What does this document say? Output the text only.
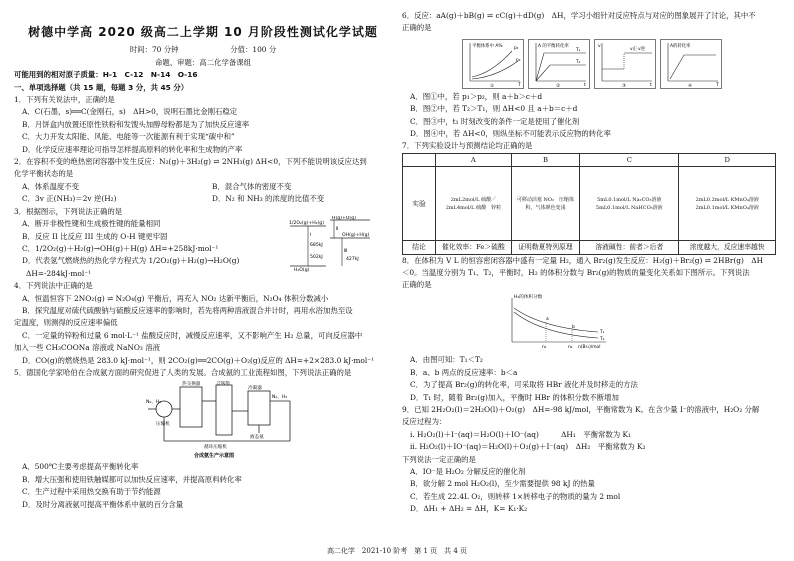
树德中学高 2020 级高二上学期 10 月阶段性测试化学试题

时间：70 分钟　　　　　　　分值：100 分

命题、审题：高二化学备课组

可能用到的相对原子质量：H-1　C-12　N-14　O-16

一、单项选择题（共 15 题，每题 3 分，共 45 分）

1．下列有关说法中，正确的是

A．C(石墨，s)══C(金刚石，s)　ΔH>0，说明石墨比金刚石稳定

B．月饼盒内放置还原性铁粉和发馊头加醇母粉都是为了加快反应速率

C．大力开发太阳能、风能、电能等一次能源有利于实现“碳中和”

D．化学反应速率理论可指导怎样提高原料的转化率和生成物的产率

2．在容积不变的绝热密闭容器中发生反应：N₂(g)＋3H₂(g) ⇌ 2NH₃(g) ΔH<0，下列不能说明该反应达到

化学平衡状态的是

A．体系温度不变	B．混合气体的密度不变

C．3v 正(NH₃)＝2v 逆(H₂)	D．N₂ 和 NH₃ 的浓度的比值不变

3．根据图示，下列说法正确的是

A．断开非极性键和生成极性键的能量相同

B．反应 II 比反应 III 生成的 O-H 键更牢固

C．1/2O₂(g)＋H₂(g)→OH(g)＋H(g) ΔH=+258kJ·mol⁻¹

D．代表氢气燃烧热的热化学方程式为 1/2O₂(g)＋H₂(g)→H₂O(g)

ΔH=-284kJ·mol⁻¹

H(g)+O(g)
1/2O₂(g)+H₂(g)
Ⅰ
685kJ
OH(g)+H(g)
Ⅱ
Ⅲ
427kJ
502kJ
H₂O(g)

4．下列说法中正确的是

A．恒温恒容下 2NO₂(g) ⇌ N₂O₄(g) 平衡后，再充入 NO₂ 达新平衡后，N₂O₄ 体积分数减小

B．探究温度对硫代硫酸钠与硫酸反应速率的影响时，若先将两种溶液混合并计时，再用水浴加热至设

定温度，则测得的反应速率偏低

C．一定量的锌粉和过量 6 mol·L⁻¹ 盐酸反应时，减慢反应速率，又不影响产生 H₂ 总量，可向反应器中

加入一些 CH₃COONa 溶液或 NaNO₃ 溶液

D．CO(g)的燃烧热是 283.0 kJ·mol⁻¹，则 2CO₂(g)══2CO(g)＋O₂(g)反应的 ΔH=+2×283.0 kJ·mol⁻¹

5．德国化学家哈伯在合成氨方面的研究促进了人类的发展。合成氨的工业流程如图，下列说法正确的是

N₂、H₂
压缩机
热交换器	合成塔
冷凝器
液态氨
N₂、H₂
循环压缩机
合成氨生产示意图

A．500℃主要考虑提高平衡转化率

B．增大压强和使用铁触媒都可以加快反应速率，并提高原料转化率

C．生产过程中采用热交换有助于节约能源

D．及时分离液氨可提高平衡体系中氨的百分含量

6．反应：aA(g)＋bB(g) ⇌ cC(g)＋dD(g)　ΔH，学习小组针对反应特点与对应的图象展开了讨论，其中不

正确的是

平衡体系中 A%	p₁
p₂
T
①
A 的平衡转化率
T₁
T₂
t
②
v
v正 v逆
t
③
A的转化率
T
④

A．图①中，若 p₁＞p₂，则 a＋b＞c＋d

B．图②中，若 T₂＞T₁，则 ΔH<0 且 a＋b＝c＋d

C．图③中，t₁ 时刻改变的条件一定是使用了催化剂

D．图④中，若 ΔH<0，则纵坐标不可能表示反应物的转化率

7．下列实验设计与预测结论均正确的是

	A	B	C	D
实验	2mL2mol/L 硫酸／2mL4mol/L 硫酸　锌粒	可移动活塞 NO₂　压缩体积，气体颜色变浅	5mL0.1mol/L Na₂CO₃溶液　5mL0.1mol/L NaHCO₃溶液	2mL0.2mol/L KMnO₄溶液　2mL0.1mol/L KMnO₄溶液
结论	催化效率：Fe＞硫酸	证明勒夏特列原理	溶液碱性：前者＞后者	浓度越大，反应速率越快

8．在体积为 V L 的恒容密闭容器中盛有一定量 H₂，通入 Br₂(g)发生反应：H₂(g)＋Br₂(g) ⇌ 2HBr(g)　ΔH

＜0。当温度分别为 T₁、T₂，平衡时，H₂ 的体积分数与 Br₂(g)的物质的量变化关系如下图所示。下列说法

正确的是

H₂的体积分数
T₁
T₂
a
b
n₁	n₂ n(Br₂)/mol

A．由图可知：T₁＜T₂

B．a、b 两点的反应速率：b＜a

C．为了提高 Br₂(g)的转化率，可采取将 HBr 液化并及时移走的方法

D．T₁ 时，随着 Br₂(g)加入，平衡时 HBr 的体积分数不断增加

9．已知 2H₂O₂(l)＝2H₂O(l)＋O₂(g)　ΔH=-98 kJ/mol，平衡常数为 K。在含少量 I⁻的溶液中，H₂O₂ 分解

反应过程为：

i. H₂O₂(l)＋I⁻(aq)＝H₂O(l)＋IO⁻(aq)　　　ΔH₁　平衡常数为 K₁

ii. H₂O₂(l)＋IO⁻(aq)＝H₂O(l)＋O₂(g)＋I⁻(aq)　ΔH₂　平衡常数为 K₂

下列说法一定正确的是

A．IO⁻是 H₂O₂ 分解反应的催化剂

B．欲分解 2 mol H₂O₂(l)，至少需要提供 98 kJ 的热量

C．若生成 22.4L O₂，则转移 1×转移电子的物质的量为 2 mol

D．ΔH₁ + ΔH₂ = ΔH，K= K₁·K₂

高二化学　2021-10 阶考　第 1 页　共 4 页
